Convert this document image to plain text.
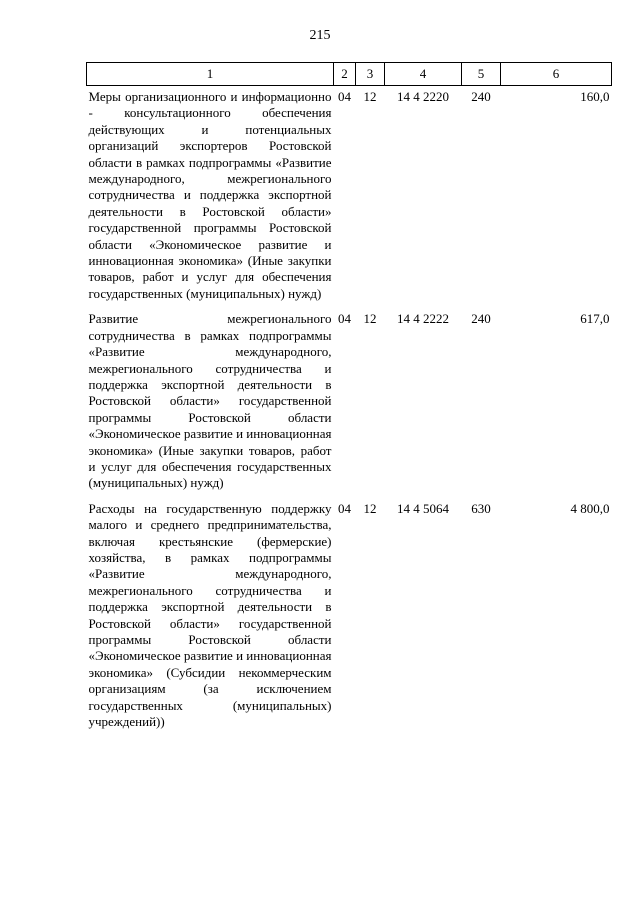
215
1	2	3	4	5	6
Меры организационного и информационно - консультационного обеспечения действующих и потенциальных организаций экспортеров Ростовской области в рамках подпрограммы «Развитие международного, межрегионального сотрудничества и поддержка экспортной деятельности в Ростовской области» государственной программы Ростовской области «Экономическое развитие и инновационная экономика» (Иные закупки товаров, работ и услуг для обеспечения государственных (муниципальных) нужд)	04	12	14 4 2220	240	160,0
Развитие межрегионального сотрудничества в рамках подпрограммы «Развитие международного, межрегионального сотрудничества и поддержка экспортной деятельности в Ростовской области» государственной программы Ростовской области «Экономическое развитие и инновационная экономика» (Иные закупки товаров, работ и услуг для обеспечения государственных (муниципальных) нужд)	04	12	14 4 2222	240	617,0
Расходы на государственную поддержку малого и среднего предпринимательства, включая крестьянские (фермерские) хозяйства, в рамках подпрограммы «Развитие международного, межрегионального сотрудничества и поддержка экспортной деятельности в Ростовской области» государственной программы Ростовской области «Экономическое развитие и инновационная экономика» (Субсидии некоммерческим организациям (за исключением государственных (муниципальных) учреждений))	04	12	14 4 5064	630	4 800,0
